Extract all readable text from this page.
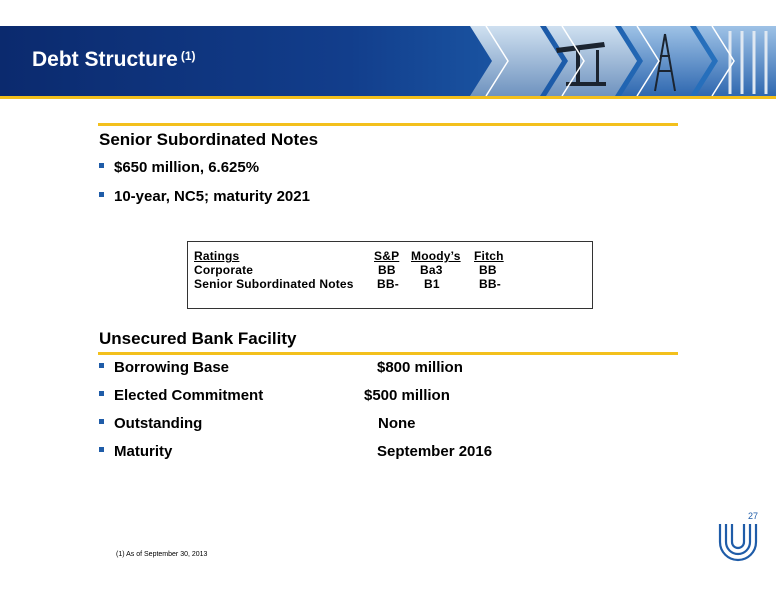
Debt Structure $^{(1)}$
Senior Subordinated Notes
$650 million, 6.625%
10-year, NC5; maturity 2021
Ratings	S&P Moody’s Fitch
Corporate	BB Ba3	BB
Senior Subordinated Notes BB- B1	BB-
Unsecured Bank Facility
Borrowing Base	$800 million
Elected Commitment	$500 million
Outstanding	None
Maturity	September 2016
(1) As of September 30, 2013
27
